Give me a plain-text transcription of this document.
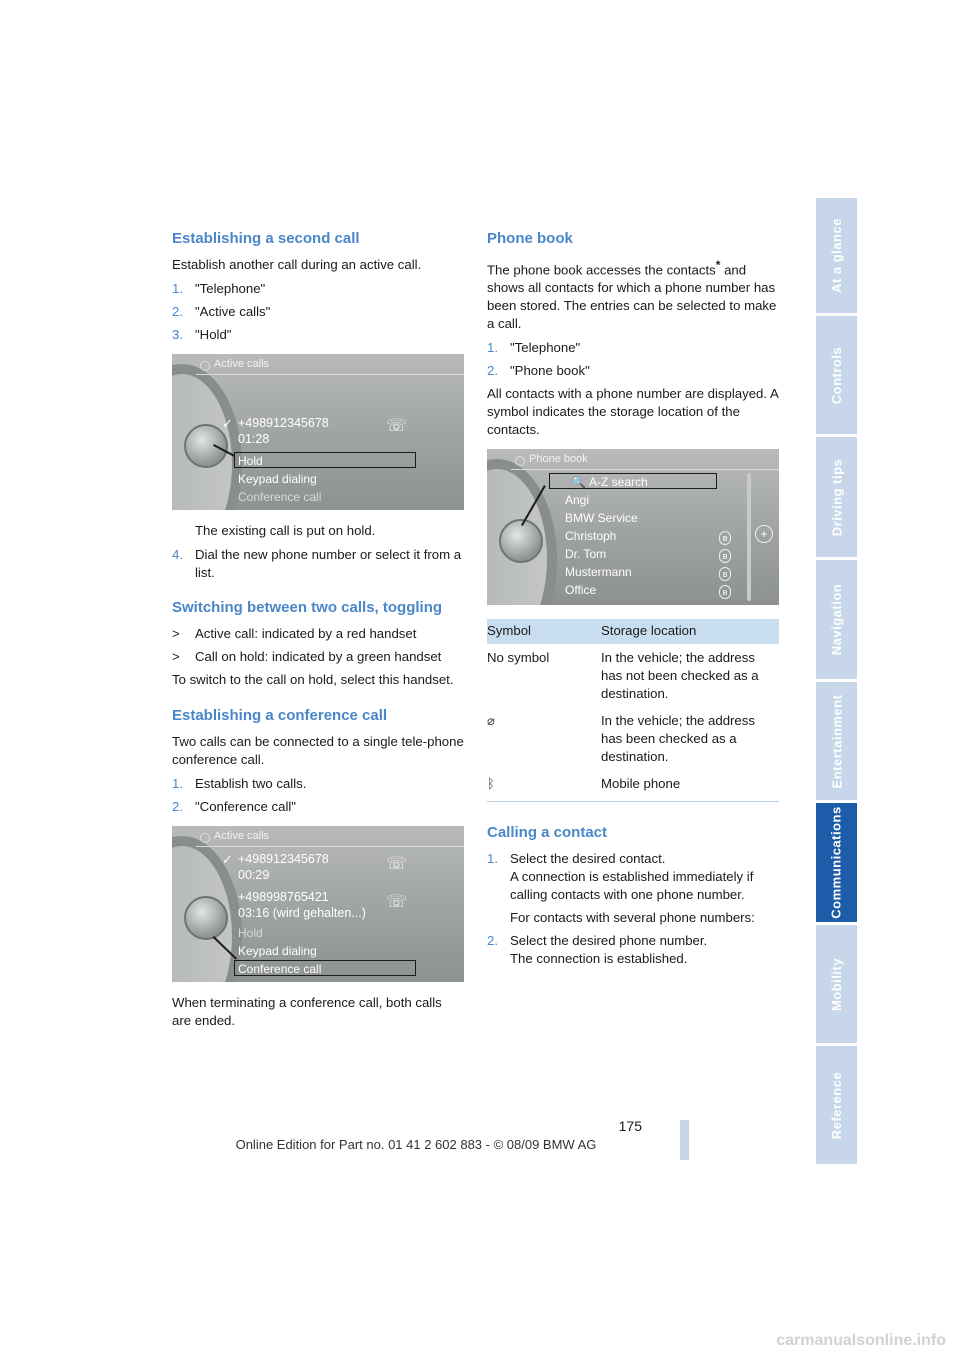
Establishing a second call

Establish another call during an active call.

1. "Telephone"
2. "Active calls"
3. "Hold"
Active calls
✓ +498912345678
01:28
☏
Hold
Keypad dialing
Conference call

The existing call is put on hold.

4. Dial the new phone number or select it from a list.
Switching between two calls, toggling
>	Active call: indicated by a red handset
>	Call on hold: indicated by a green handset

To switch to the call on hold, select this handset.

Establishing a conference call

Two calls can be connected to a single tele-phone conference call.

1. Establish two calls.
2. "Conference call"
Active calls
✓ +498912345678
00:29
☏
+498998765421
03:16 (wird gehalten...)
☏
Hold
Keypad dialing
Conference call

When terminating a conference call, both calls are ended.

Phone book

The phone book accesses the contacts* and shows all contacts for which a phone number has been stored. The entries can be selected to make a call.

1. "Telephone"
2. "Phone book"

All contacts with a phone number are displayed. A symbol indicates the storage location of the contacts.

Phone book
🔍 A-Z search
Angi
BMW Service
Christoph
Dr. Tom
Mustermann
Office
ʙ
ʙ
ʙ
ʙ
+
Symbol	Storage location
No symbol	In the vehicle; the address has not been checked as a destination.
⌀	In the vehicle; the address has been checked as a destination.
ᛒ	Mobile phone
Calling a contact
1. Select the desired contact.
A connection is established immediately if calling contacts with one phone number.

For contacts with several phone numbers:

2. Select the desired phone number.
The connection is established.
At a glance
Controls
Driving tips
Navigation
Entertainment
Communications
Mobility
Reference
175
Online Edition for Part no. 01 41 2 602 883 - © 08/09 BMW AG
carmanualsonline.info
